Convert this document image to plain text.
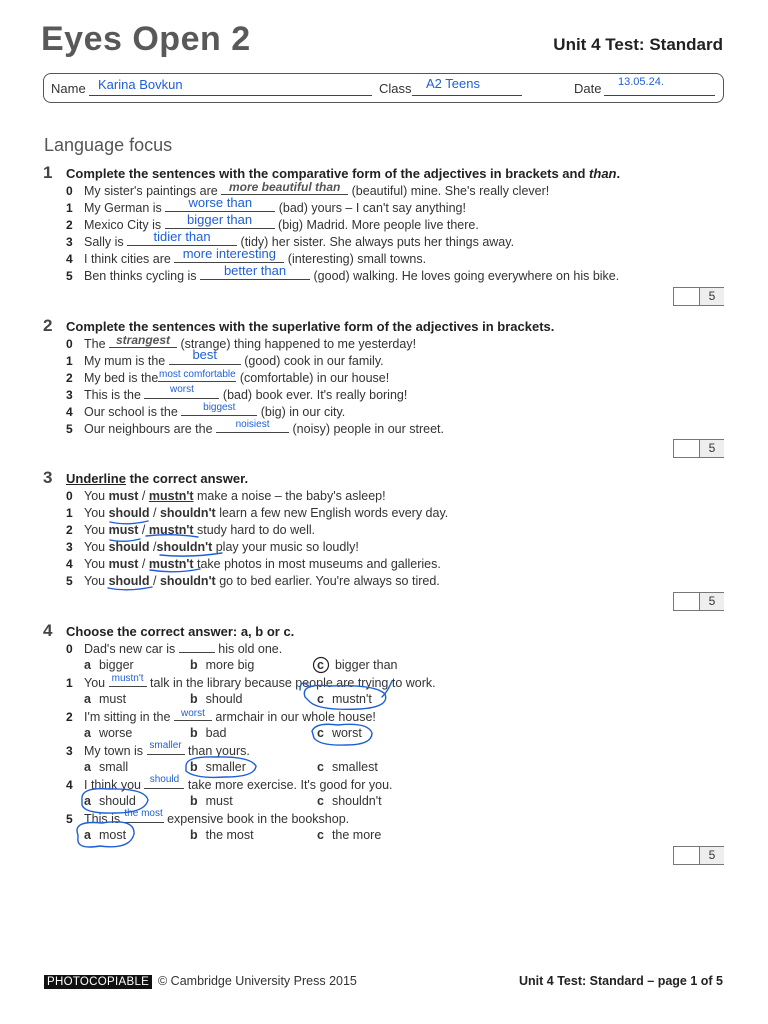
Eyes Open 2	Unit 4 Test: Standard
Name Karina Bovkun	Class A2 Teens	Date 13.05.24.
Language focus
1 Complete the sentences with the comparative form of the adjectives in brackets and than.
0 My sister's paintings are more beautiful than (beautiful) mine. She's really clever!
1 My German is	worse than	(bad) yours – I can't say anything!
2 Mexico City is	bigger than	(big) Madrid. More people live there.
3 Sally is	tidier than	(tidy) her sister. She always puts her things away.
4 I think cities are more interesting (interesting) small towns.
5 Ben thinks cycling is	better than	(good) walking. He loves going everywhere on his bike.
5
2 Complete the sentences with the superlative form of the adjectives in brackets.
0 The strangest (strange) thing happened to me yesterday!
1 My mum is the	best	(good) cook in our family.
2 My bed is the most comfortable (comfortable) in our house!
3 This is the	worst	(bad) book ever. It's really boring!
4 Our school is the	biggest	(big) in our city.
5 Our neighbours are the	noisiest	(noisy) people in our street.
5
3 Underline the correct answer.
0 You must / mustn't make a noise – the baby's asleep!
1 You should / shouldn't learn a few new English words every day.
2 You must / mustn't study hard to do well.
3 You should /shouldn't play your music so loudly!
4 You must / mustn't take photos in most museums and galleries.
5 You should / shouldn't go to bed earlier. You're always so tired.
5
4 Choose the correct answer: a, b or c.
0 Dad's new car is	his old one.
a bigger	b more big	c bigger than
1 You mustn't talk in the library because people are trying to work.
a must	b should	c mustn't
2 I'm sitting in the worst armchair in our whole house!
a worse	b bad	c worst
3 My town is smaller than yours.
a small	b smaller	c smallest
4 I think you should take more exercise. It's good for you.
a should	b must	c shouldn't
5 This is the most expensive book in the bookshop.
a most	b the most	c the more
5
PHOTOCOPIABLE © Cambridge University Press 2015	Unit 4 Test: Standard – page 1 of 5
